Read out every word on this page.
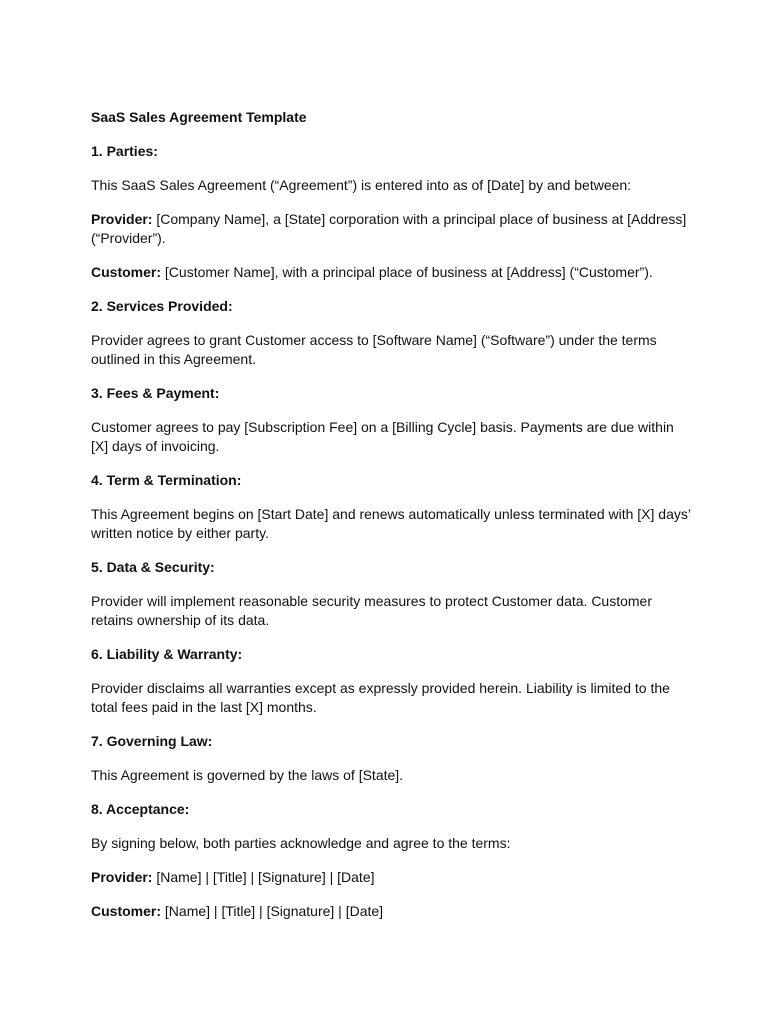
SaaS Sales Agreement Template

1. Parties:

This SaaS Sales Agreement (“Agreement”) is entered into as of [Date] by and between:

Provider: [Company Name], a [State] corporation with a principal place of business at [Address] (“Provider”).

Customer: [Customer Name], with a principal place of business at [Address] (“Customer”).

2. Services Provided:

Provider agrees to grant Customer access to [Software Name] (“Software”) under the terms outlined in this Agreement.

3. Fees & Payment:

Customer agrees to pay [Subscription Fee] on a [Billing Cycle] basis. Payments are due within [X] days of invoicing.

4. Term & Termination:

This Agreement begins on [Start Date] and renews automatically unless terminated with [X] days’ written notice by either party.

5. Data & Security:

Provider will implement reasonable security measures to protect Customer data. Customer retains ownership of its data.

6. Liability & Warranty:

Provider disclaims all warranties except as expressly provided herein. Liability is limited to the total fees paid in the last [X] months.

7. Governing Law:

This Agreement is governed by the laws of [State].

8. Acceptance:

By signing below, both parties acknowledge and agree to the terms:

Provider: [Name] | [Title] | [Signature] | [Date]

Customer: [Name] | [Title] | [Signature] | [Date]
